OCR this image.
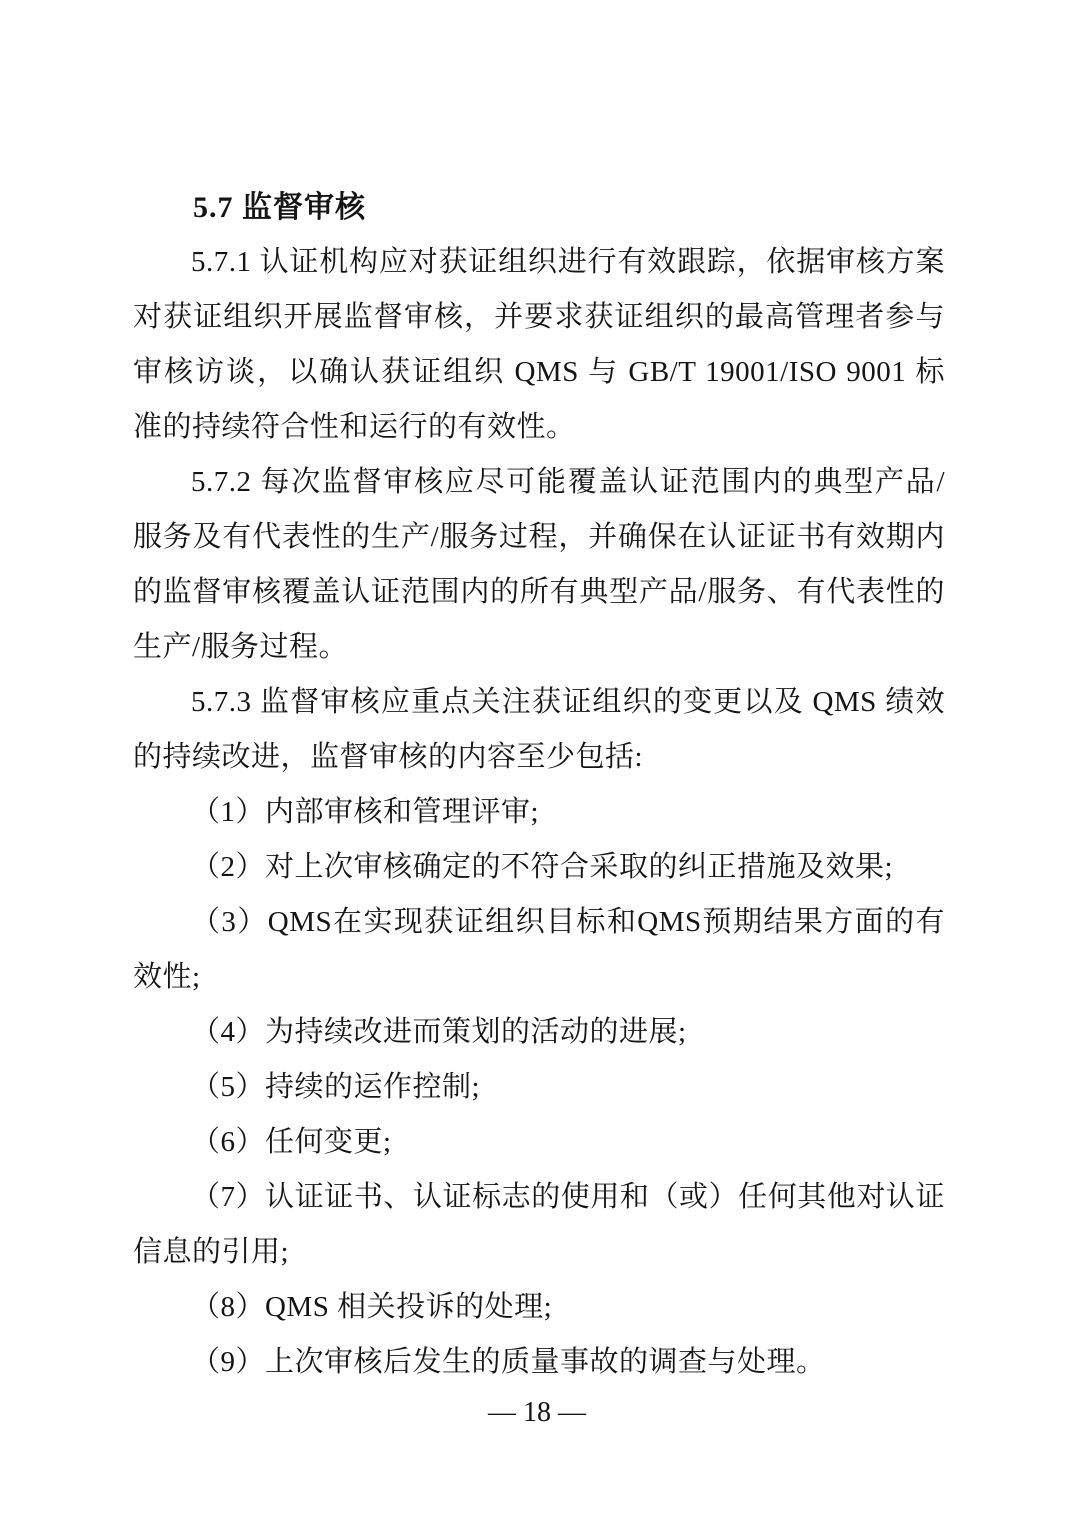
5.7 监督审核

5.7.1 认证机构应对获证组织进行有效跟踪，依据审核方案对获证组织开展监督审核，并要求获证组织的最高管理者参与审核访谈，以确认获证组织 QMS 与 GB/T 19001/ISO 9001 标准的持续符合性和运行的有效性。

5.7.2 每次监督审核应尽可能覆盖认证范围内的典型产品/服务及有代表性的生产/服务过程，并确保在认证证书有效期内的监督审核覆盖认证范围内的所有典型产品/服务、有代表性的生产/服务过程。

5.7.3 监督审核应重点关注获证组织的变更以及 QMS 绩效的持续改进，监督审核的内容至少包括:

（1）内部审核和管理评审;

（2）对上次审核确定的不符合采取的纠正措施及效果;

（3）QMS在实现获证组织目标和QMS预期结果方面的有效性;

（4）为持续改进而策划的活动的进展;

（5）持续的运作控制;

（6）任何变更;

（7）认证证书、认证标志的使用和（或）任何其他对认证信息的引用;

（8）QMS 相关投诉的处理;

（9）上次审核后发生的质量事故的调查与处理。

— 18 —
